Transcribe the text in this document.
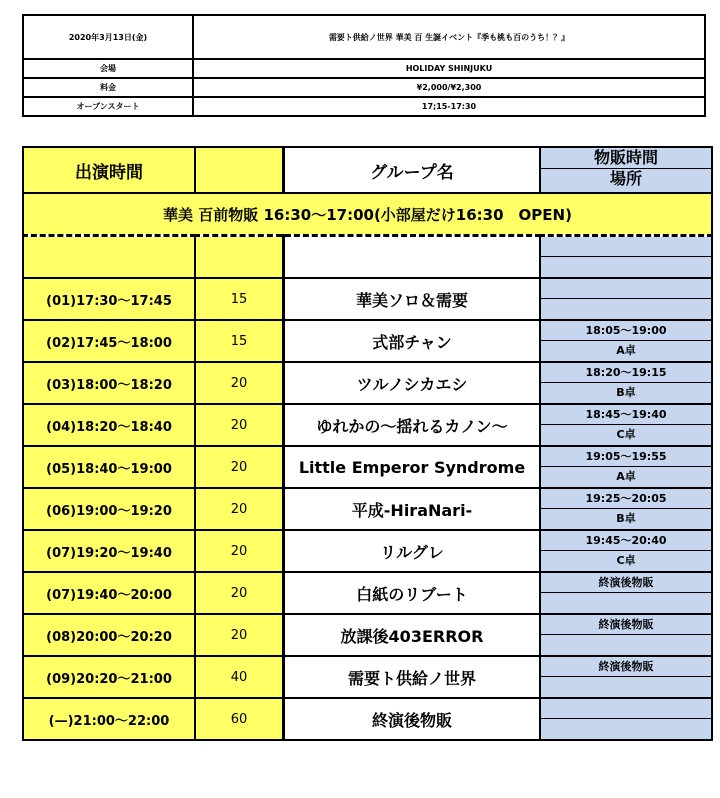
2020年3月13日(金)	需要ト供給ノ世界 華美 百 生誕イベント『季も桃も百のうち！？』
会場	HOLIDAY SHINJUKU
料金	¥2,000/¥2,300
オープンスタート	17;15-17:30
出演時間		グループ名	物販時間
場所

華美 百前物販 16:30～17:00(小部屋だけ16:30　OPEN)			

(01)17:30～17:45	15	華美ソロ＆需要	

(02)17:45～18:00	15	式部チャン	18:05～19:00
A卓

(03)18:00～18:20	20	ツルノシカエシ	18:20～19:15
B卓

(04)18:20～18:40	20	ゆれかの～揺れるカノン～	18:45～19:40
C卓

(05)18:40～19:00	20	Little Emperor Syndrome	19:05～19:55
A卓

(06)19:00～19:20	20	平成-HiraNari-	19:25～20:05
B卓

(07)19:20～19:40	20	リルグレ	19:45～20:40
C卓

(07)19:40～20:00	20	白紙のリブート	終演後物販

(08)20:00～20:20	20	放課後403ERROR	終演後物販

(09)20:20～21:00	40	需要ト供給ノ世界	終演後物販

(—)21:00～22:00	60	終演後物販	
